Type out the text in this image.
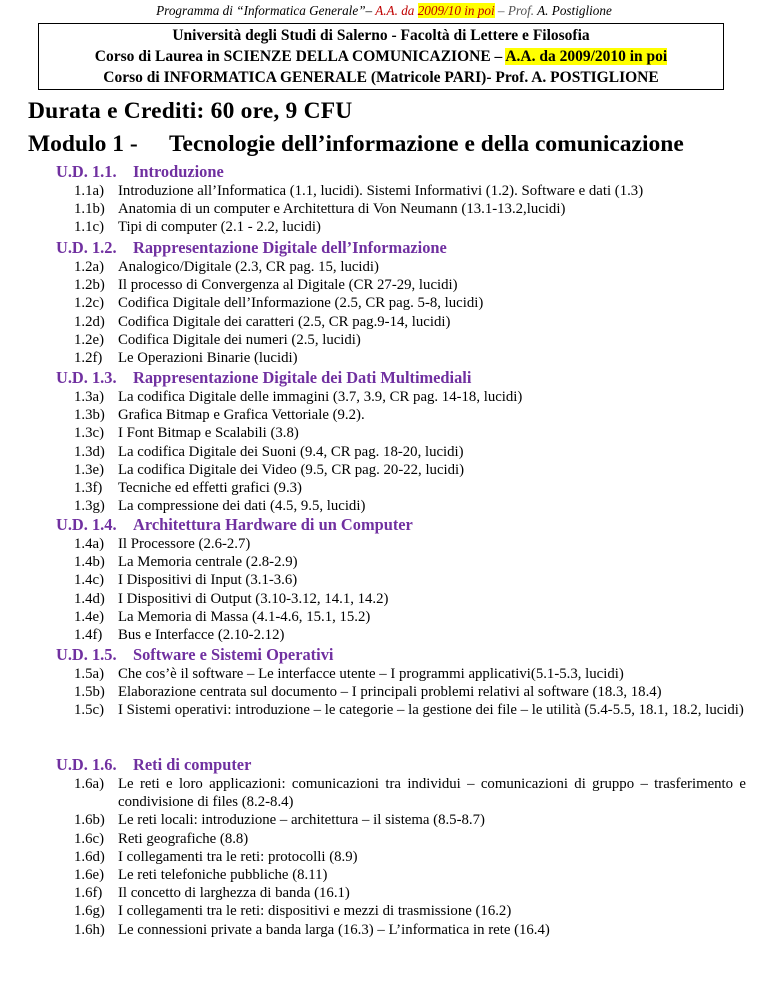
Programma di “Informatica Generale”– A.A. da 2009/10 in poi – Prof. A. Postiglione
Università degli Studi di Salerno - Facoltà di Lettere e Filosofia
Corso di Laurea in SCIENZE DELLA COMUNICAZIONE – A.A. da 2009/2010 in poi
Corso di INFORMATICA GENERALE (Matricole PARI)- Prof. A. POSTIGLIONE
Durata e Crediti: 60 ore, 9 CFU
Modulo 1 - Tecnologie dell’informazione e della comunicazione
U.D. 1.1. Introduzione
1.1a) Introduzione all’Informatica (1.1, lucidi). Sistemi Informativi (1.2). Software e dati (1.3)
1.1b) Anatomia di un computer e Architettura di Von Neumann (13.1-13.2,lucidi)
1.1c) Tipi di computer (2.1 - 2.2, lucidi)
U.D. 1.2. Rappresentazione Digitale dell’Informazione
1.2a) Analogico/Digitale (2.3, CR pag. 15, lucidi)
1.2b) Il processo di Convergenza al Digitale (CR 27-29, lucidi)
1.2c) Codifica Digitale dell’Informazione (2.5, CR pag. 5-8, lucidi)
1.2d) Codifica Digitale dei caratteri (2.5, CR pag.9-14, lucidi)
1.2e) Codifica Digitale dei numeri (2.5, lucidi)
1.2f)	Le Operazioni Binarie (lucidi)
U.D. 1.3. Rappresentazione Digitale dei Dati Multimediali
1.3a) La codifica Digitale delle immagini (3.7, 3.9, CR pag. 14-18, lucidi)
1.3b) Grafica Bitmap e Grafica Vettoriale (9.2).
1.3c) I Font Bitmap e Scalabili (3.8)
1.3d) La codifica Digitale dei Suoni (9.4, CR pag. 18-20, lucidi)
1.3e) La codifica Digitale dei Video (9.5, CR pag. 20-22, lucidi)
1.3f)	Tecniche ed effetti grafici (9.3)
1.3g) La compressione dei dati (4.5, 9.5, lucidi)
U.D. 1.4. Architettura Hardware di un Computer
1.4a) Il Processore (2.6-2.7)
1.4b) La Memoria centrale (2.8-2.9)
1.4c) I Dispositivi di Input (3.1-3.6)
1.4d) I Dispositivi di Output (3.10-3.12, 14.1, 14.2)
1.4e) La Memoria di Massa (4.1-4.6, 15.1, 15.2)
1.4f)	Bus e Interfacce (2.10-2.12)
U.D. 1.5. Software e Sistemi Operativi
1.5a) Che cos’è il software – Le interfacce utente – I programmi applicativi(5.1-5.3, lucidi)
1.5b) Elaborazione centrata sul documento – I principali problemi relativi al software (18.3, 18.4)
1.5c) I Sistemi operativi: introduzione – le categorie – la gestione dei file – le utilità (5.4-5.5, 18.1, 18.2, lucidi)
U.D. 1.6. Reti di computer
1.6a) Le reti e loro applicazioni: comunicazioni tra individui – comunicazioni di gruppo – trasferimento e condivisione di files (8.2-8.4)
1.6b) Le reti locali: introduzione – architettura – il sistema (8.5-8.7)
1.6c) Reti geografiche (8.8)
1.6d) I collegamenti tra le reti: protocolli (8.9)
1.6e) Le reti telefoniche pubbliche (8.11)
1.6f)	Il concetto di larghezza di banda (16.1)
1.6g) I collegamenti tra le reti: dispositivi e mezzi di trasmissione (16.2)
1.6h) Le connessioni private a banda larga (16.3) – L’informatica in rete (16.4)
